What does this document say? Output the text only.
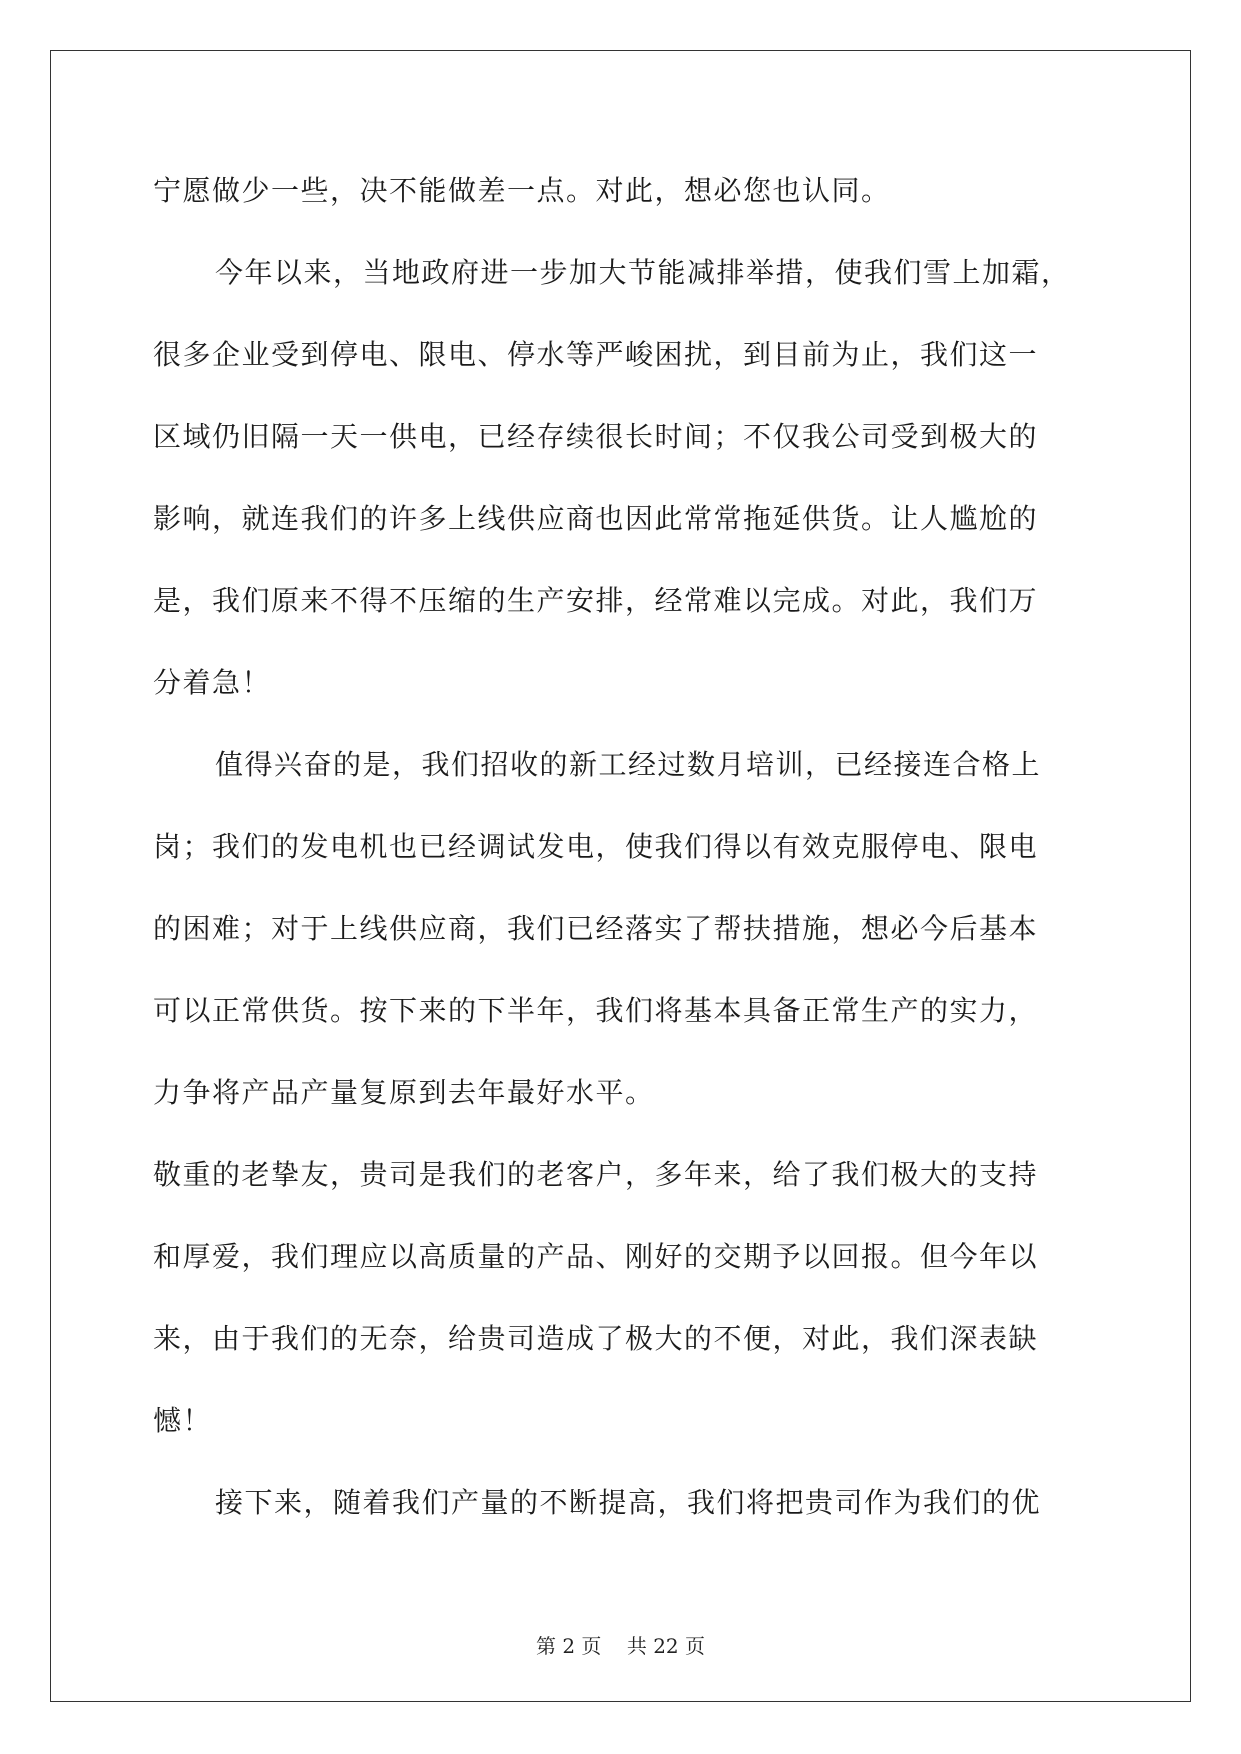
宁愿做少一些，决不能做差一点。对此，想必您也认同。
今年以来，当地政府进一步加大节能减排举措，使我们雪上加霜，
很多企业受到停电、限电、停水等严峻困扰，到目前为止，我们这一
区域仍旧隔一天一供电，已经存续很长时间；不仅我公司受到极大的
影响，就连我们的许多上线供应商也因此常常拖延供货。让人尴尬的
是，我们原来不得不压缩的生产安排，经常难以完成。对此，我们万
分着急！
值得兴奋的是，我们招收的新工经过数月培训，已经接连合格上
岗；我们的发电机也已经调试发电，使我们得以有效克服停电、限电
的困难；对于上线供应商，我们已经落实了帮扶措施，想必今后基本
可以正常供货。按下来的下半年，我们将基本具备正常生产的实力，
力争将产品产量复原到去年最好水平。
敬重的老挚友，贵司是我们的老客户，多年来，给了我们极大的支持
和厚爱，我们理应以高质量的产品、刚好的交期予以回报。但今年以
来，由于我们的无奈，给贵司造成了极大的不便，对此，我们深表缺
憾！
接下来，随着我们产量的不断提高，我们将把贵司作为我们的优
第 2 页    共 22 页
